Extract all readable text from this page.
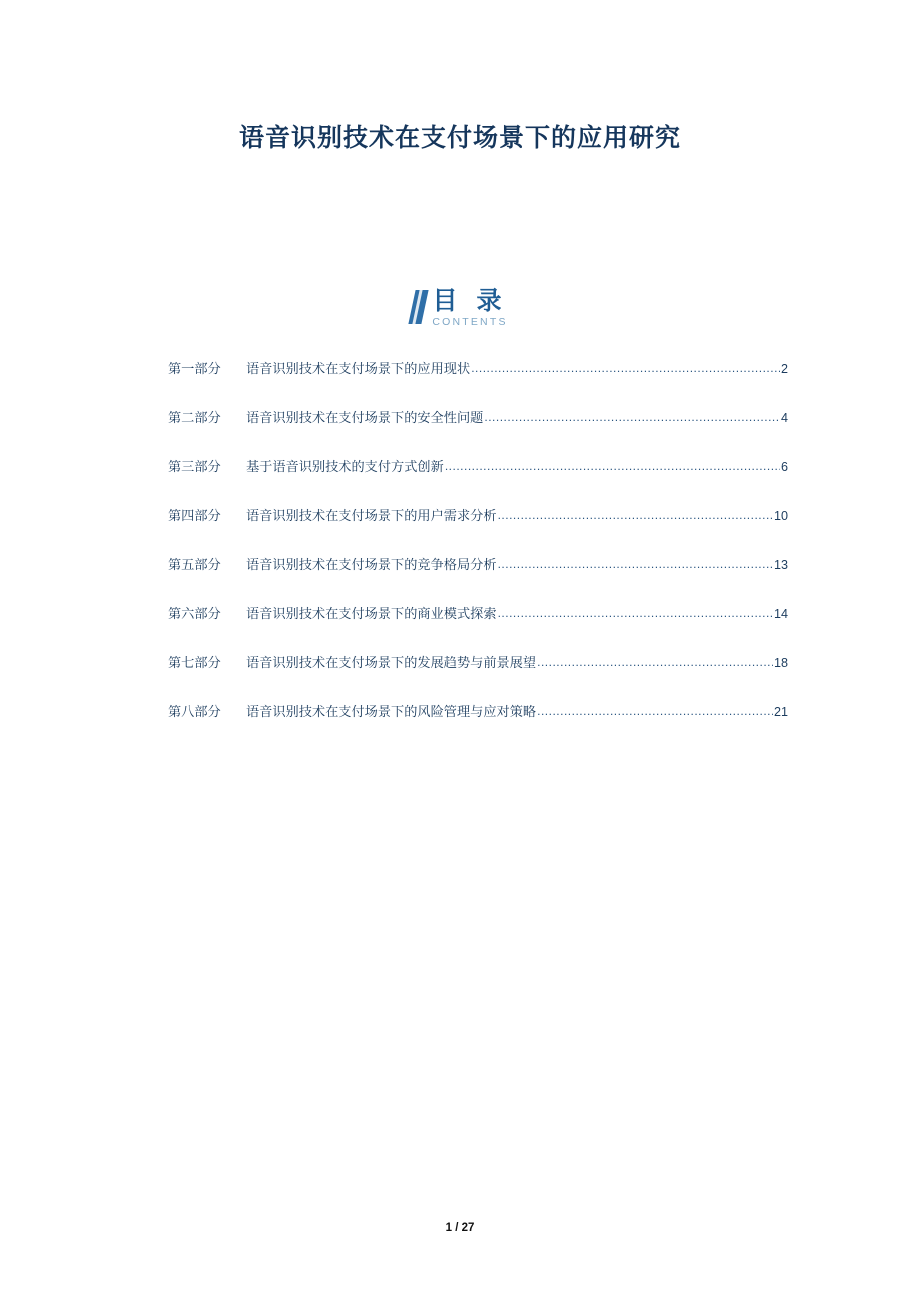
语音识别技术在支付场景下的应用研究
目 录
CONTENTS
第一部分	语音识别技术在支付场景下的应用现状 .....	2
第二部分	语音识别技术在支付场景下的安全性问题 .....	4
第三部分	基于语音识别技术的支付方式创新 .....	6
第四部分	语音识别技术在支付场景下的用户需求分析 .....	10
第五部分	语音识别技术在支付场景下的竞争格局分析 .....	13
第六部分	语音识别技术在支付场景下的商业模式探索 .....	14
第七部分	语音识别技术在支付场景下的发展趋势与前景展望 .....	18
第八部分	语音识别技术在支付场景下的风险管理与应对策略 .....	21
1 / 27
